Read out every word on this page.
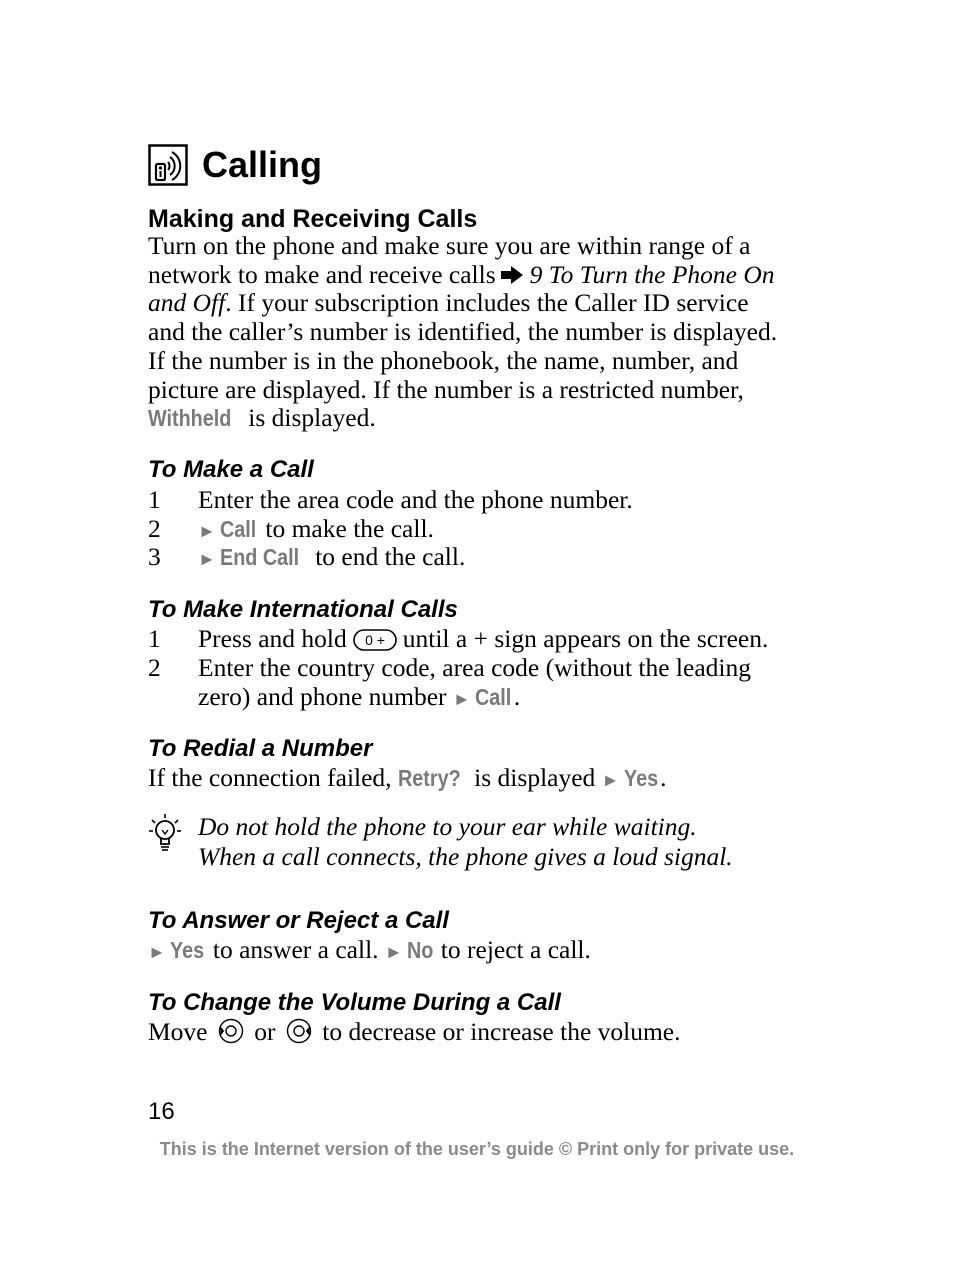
Calling
Making and Receiving Calls
Turn on the phone and make sure you are within range of a
network to make and receive calls 9 To Turn the Phone On
and Off. If your subscription includes the Caller ID service
and the caller’s number is identified, the number is displayed.
If the number is in the phonebook, the name, number, and
picture are displayed. If the number is a restricted number,
Withheld is displayed.
To Make a Call
1	Enter the area code and the phone number.
2	► Call to make the call.
3	► End Call to end the call.
To Make International Calls
1	Press and hold 0 + until a + sign appears on the screen.
2	Enter the country code, area code (without the leading
zero) and phone number ► Call .
To Redial a Number
If the connection failed, Retry? is displayed ► Yes .
Do not hold the phone to your ear while waiting.
When a call connects, the phone gives a loud signal.
To Answer or Reject a Call
► Yes to answer a call. ► No to reject a call.
To Change the Volume During a Call
Move or to decrease or increase the volume.
16
This is the Internet version of the user’s guide © Print only for private use.
